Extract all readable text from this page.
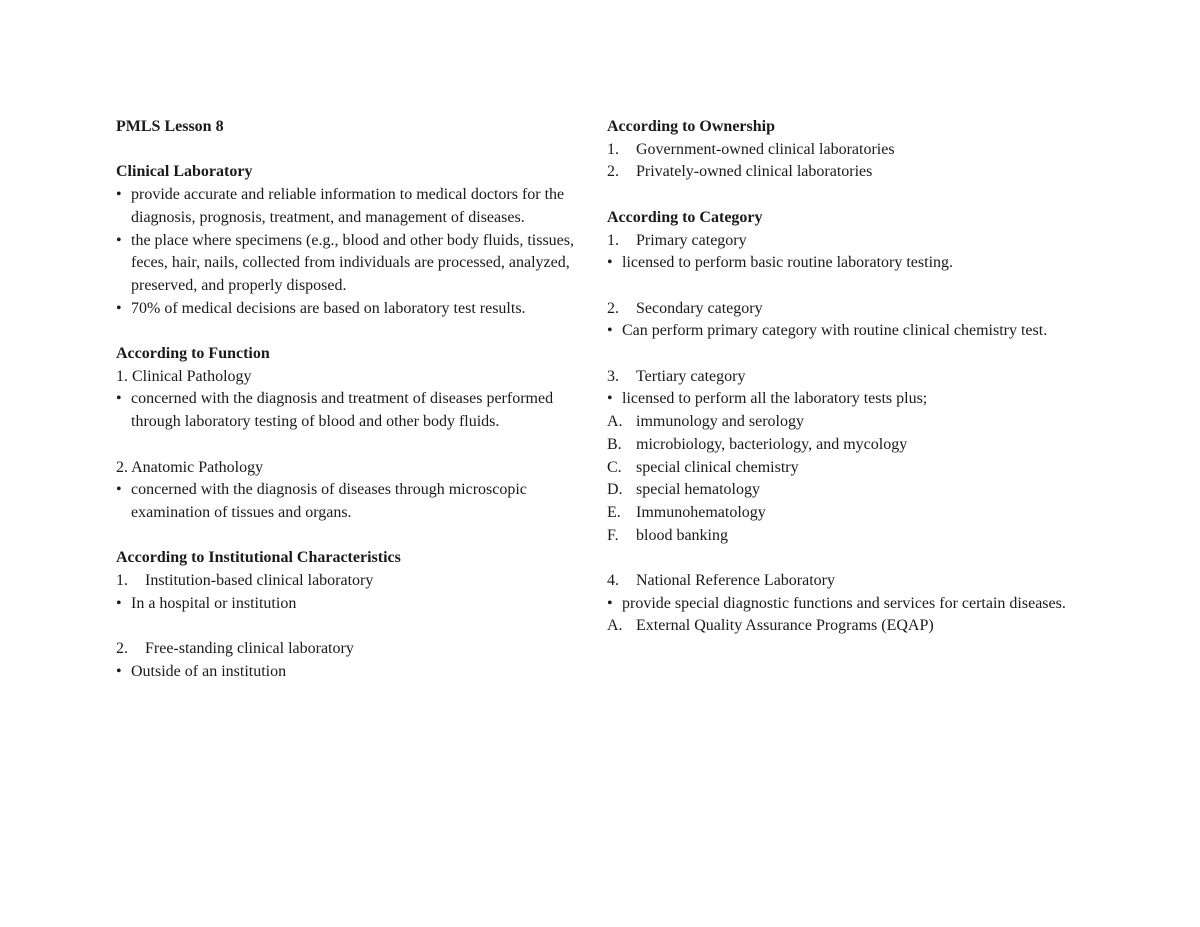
PMLS Lesson 8
Clinical Laboratory
• provide accurate and reliable information to medical doctors for the diagnosis, prognosis, treatment, and management of diseases.
• the place where specimens (e.g., blood and other body fluids, tissues, feces, hair, nails, collected from individuals are processed, analyzed, preserved, and properly disposed.
• 70% of medical decisions are based on laboratory test results.
According to Function
1. Clinical Pathology
• concerned with the diagnosis and treatment of diseases performed through laboratory testing of blood and other body fluids.
2. Anatomic Pathology
• concerned with the diagnosis of diseases through microscopic examination of tissues and organs.
According to Institutional Characteristics
1. Institution-based clinical laboratory
• In a hospital or institution
2. Free-standing clinical laboratory
• Outside of an institution
According to Ownership
1. Government-owned clinical laboratories
2. Privately-owned clinical laboratories
According to Category
1. Primary category
• licensed to perform basic routine laboratory testing.
2. Secondary category
• Can perform primary category with routine clinical chemistry test.
3. Tertiary category
• licensed to perform all the laboratory tests plus;
A. immunology and serology
B. microbiology, bacteriology, and mycology
C. special clinical chemistry
D. special hematology
E. Immunohematology
F. blood banking
4. National Reference Laboratory
• provide special diagnostic functions and services for certain diseases.
A. External Quality Assurance Programs (EQAP)
